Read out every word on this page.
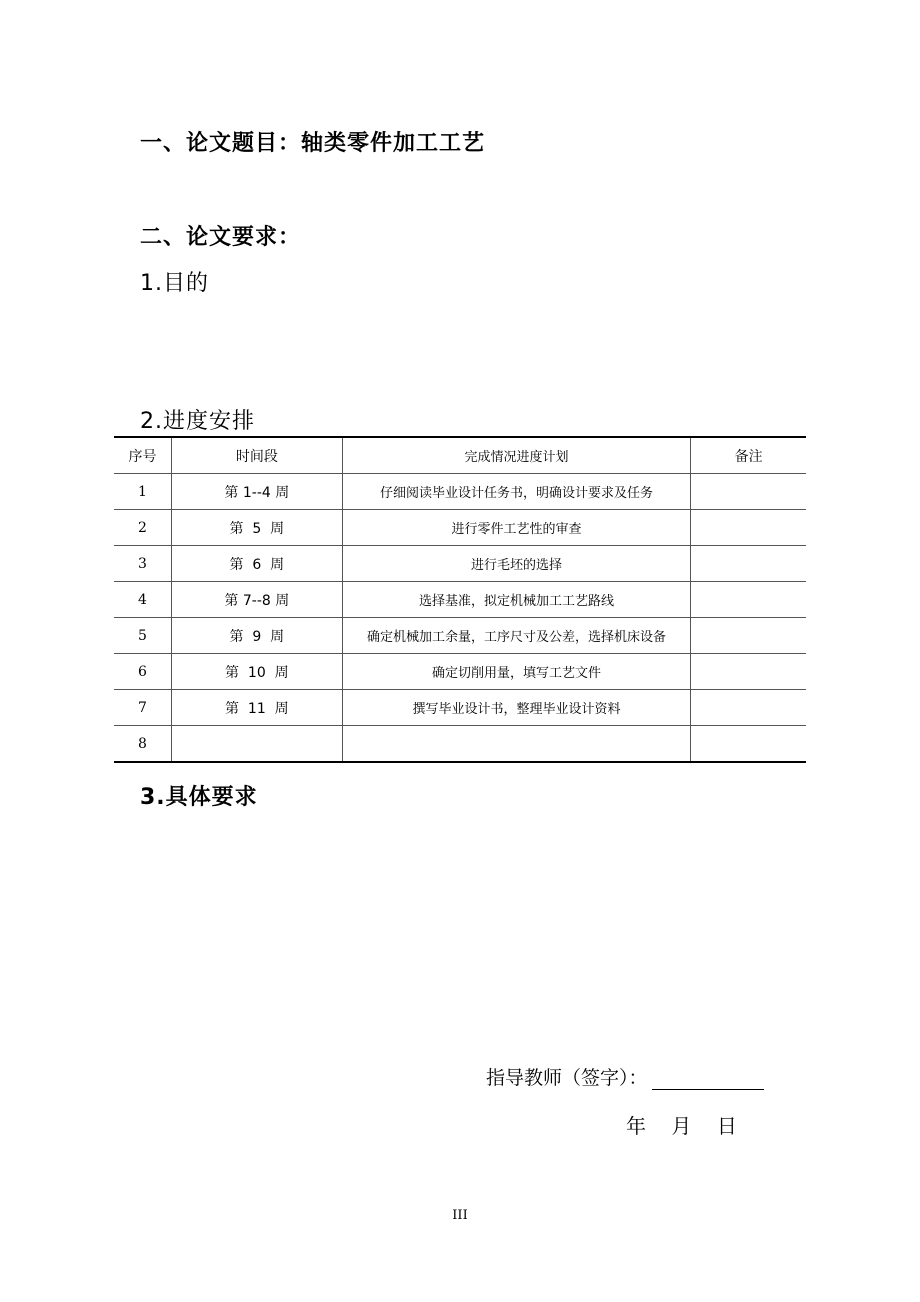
一、论文题目：轴类零件加工工艺
二、论文要求：
1.目的
2.进度安排
序号	时间段	完成情况进度计划	备注
1	第 1--4 周	仔细阅读毕业设计任务书，明确设计要求及任务	
2	第  5  周	进行零件工艺性的审查	
3	第  6  周	进行毛坯的选择	
4	第 7--8 周	选择基准，拟定机械加工工艺路线	
5	第  9  周	确定机械加工余量，工序尺寸及公差，选择机床设备	
6	第  10  周	确定切削用量，填写工艺文件	
7	第  11  周	撰写毕业设计书，整理毕业设计资料	
8			
3.具体要求
指导教师（签字）：
年    月    日
III
